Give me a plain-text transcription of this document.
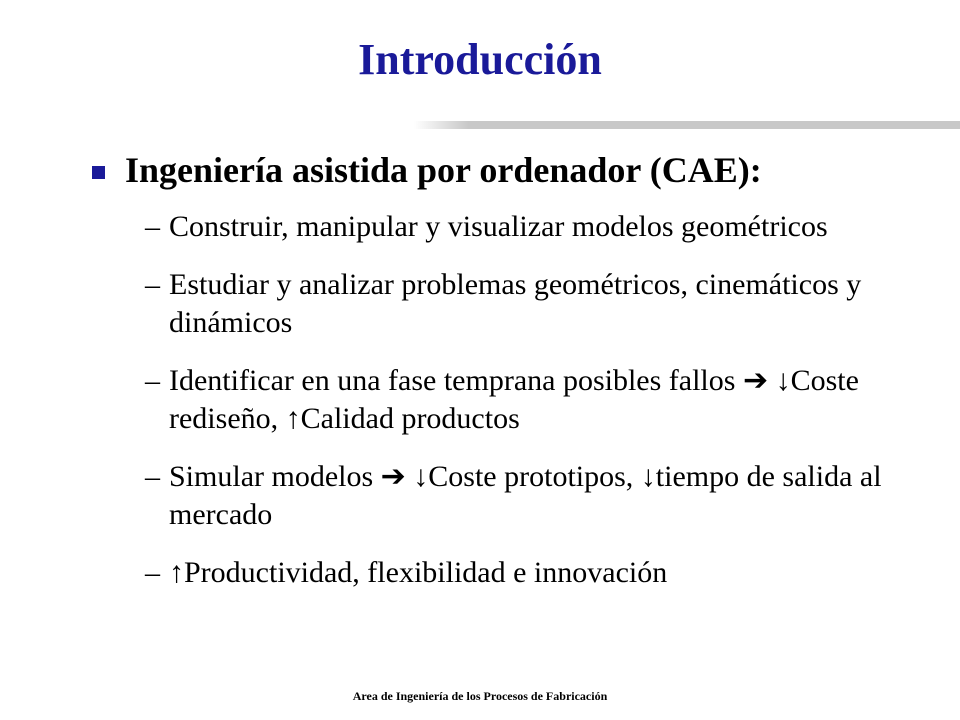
Introducción
Ingeniería asistida por ordenador (CAE):
– Construir, manipular y visualizar modelos geométricos
– Estudiar y analizar problemas geométricos, cinemáticos y dinámicos
– Identificar en una fase temprana posibles fallos ➔ ↓Coste rediseño, ↑Calidad productos
– Simular modelos ➔ ↓Coste prototipos, ↓tiempo de salida al mercado
– ↑Productividad, flexibilidad e innovación
Area de Ingeniería de los Procesos de Fabricación
